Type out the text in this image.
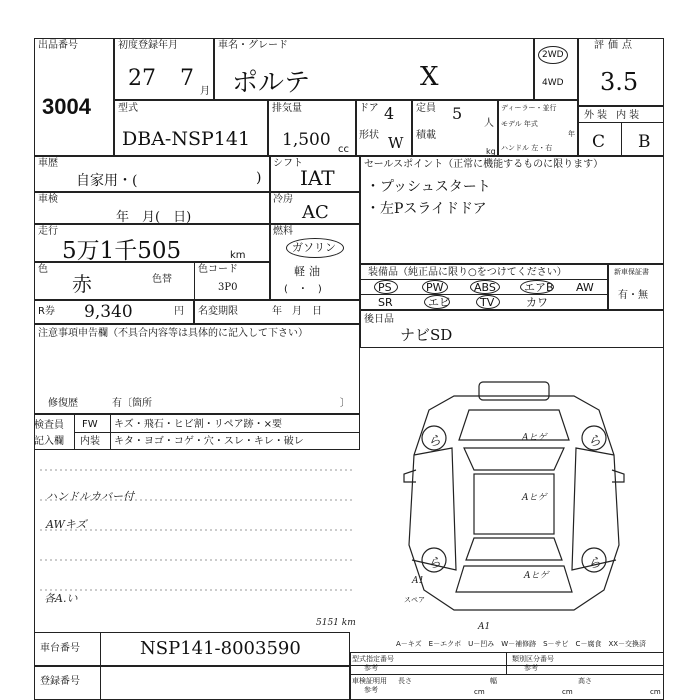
出品番号
3004
初度登録年月
27 7
月
車名・グレード
ポルテ	X
2WD
4WD
評価点
3.5
型式
DBA-NSP141
排気量
1,500 cc
ドア 4
形状 W
定員 5
人
積載
kg
ディーラー・並行
モデル 年式
年
ハンドル 左・右
外装 内装
C B
車歴
自家用・(	)
車検
年　月(　日)
走行
5万1千505	km
色
赤	色替
色コード
3P0
シフト
IAT
冷房
AC
燃料
ガソリン
軽油
(　・　)
R券 9,340	円 名変期限	年　月　日
セールスポイント（正常に機能するものに限ります）
・プッシュスタート
・左Pスライドドア
装備品（純正品に限り○をつけてください）
PS	PW	ABS	エアB AW
SR	エビ	TV	カワ
新車保証書
有・無
後日品
ナビSD
注意事項申告欄（不具合内容等は具体的に記入して下さい）
修復歴	有〔箇所	〕
検査員
記入欄
FW キズ・飛石・ヒビ割・リペア跡・×要
内装 キタ・ヨゴ・コゲ・穴・スレ・キレ・破レ
ハンドルカバー付
AWキズ
各A.い
ら	ら
ら	ら
Aヒゲ
Aヒゲ
Aヒゲ
A1
A1
スペア
5151 km
A－キズ　E－エクボ　U－凹み　W－補修跡　S－サビ　C－腐食　XX－交換済
車台番号	NSP141-8003590
登録番号
型式指定番号
参考
類別区分番号
参考
車検証明用
参考
長さ
cm
幅
cm
高さ
cm
